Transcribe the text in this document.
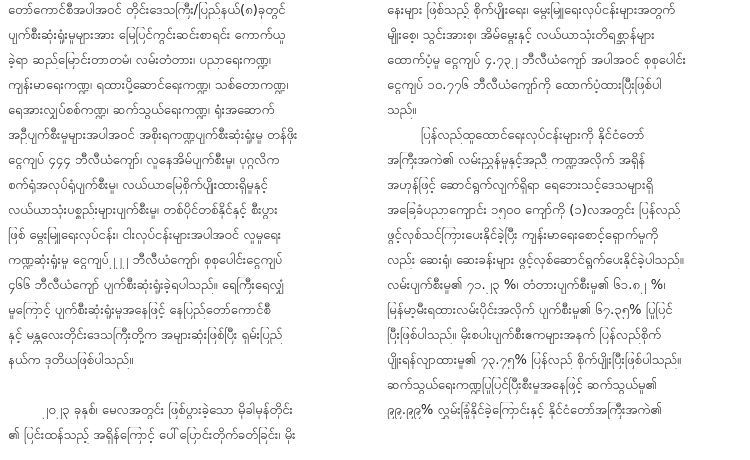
တော်ကောင်စီအပါအဝင် တိုင်းဒေသကြီး/ပြည်နယ်(၈)ခုတွင်
ပျက်စီးဆုံးရှုံးမှုများအား မြေပြင်ကွင်းဆင်းစာရင်း ကောက်ယူ
ခဲ့ရာ ဆည်မြောင်းတာတမံ၊ လမ်းတံတား၊ ပညာရေးကဏ္ဍ၊
ကျန်းမာရေးကဏ္ဍ၊ ရထားပို့ဆောင်ရေးကဏ္ဍ၊ သစ်တောကဏ္ဍ၊
ရေအားလျှပ်စစ်ကဏ္ဍ၊ ဆက်သွယ်ရေးကဏ္ဍ၊ ရုံးအဆောက်
အဦပျက်စီးမှုများအပါအဝင် အစိုးရကဏ္ဍပျက်စီးဆုံးရှုံးမှု တန်ဖိုး
ငွေကျပ် ၄၄၄ ဘီလီယံကျော်၊ လူနေအိမ်ပျက်စီးမှု၊ ပုဂ္ဂလိက
စက်ရုံအလုပ်ရုံပျက်စီးမှု၊ လယ်ယာမြေစိုက်ပျိုးထားရှိမှုနှင့်
လယ်ယာသုံးပစ္စည်းများပျက်စီးမှု၊ တစ်ပိုင်တစ်နိုင်နှင့် စီးပွား
ဖြစ် မွေးမြူရေးလုပ်ငန်း၊ ငါးလုပ်ငန်းများအပါအဝင် လူမှုရေး
ကဏ္ဍဆုံးရှုံးမှု ငွေကျပ်၂၂၂ ဘီလီယံကျော်၊ စုစုပေါင်းငွေကျပ်
၄၆၆ ဘီလီယံကျော် ပျက်စီးဆုံးရှုံးခဲ့ရပါသည်။ ရေကြီးရေလျှံ
မှုကြောင့် ပျက်စီးဆုံးရှုံးမှုအနေဖြင့် နေပြည်တော်ကောင်စီ
နှင့် မန္တလေးတိုင်းဒေသကြီးတို့က အများဆုံးဖြစ်ပြီး ရှမ်းပြည်
နယ်က ဒုတိယဖြစ်ပါသည်။
၂၀၂၃ ခုနှစ်၊ မေလအတွင်း ဖြစ်ပွားခဲ့သော မိုခါမုန်တိုင်း
၏ ပြင်းထန်သည့် အရှိန်ကြောင့် ပေါ်ပြောင်းတိုက်ခတ်ခြင်း၊ မိုး
နေးများ ဖြစ်သည့် စိုက်ပျိုးရေး၊ မွေးမြူရေးလုပ်ငန်းများအတွက်
မျိုးစေ့၊ သွင်းအားစု၊ အိမ်မွေးနှင့် လယ်ယာသုံးတိရစ္ဆာန်များ
ထောက်ပံ့မှု ငွေကျပ် ၄.၇၃၂ ဘီလီယံကျော် အပါအဝင် စုစုပေါင်း
ငွေကျပ် ၁၀.၇၇၆ ဘီလီယံကျော်ကို ထောက်ပံ့ထားပြီးဖြစ်ပါ
သည်။
ပြန်လည်ထူထောင်ရေးလုပ်ငန်းများကို နိုင်ငံတော်
အကြီးအကဲ၏ လမ်းညွှန်မှုနှင့်အညီ ကဏ္ဍအလိုက် အရှိန်
အဟုန်ဖြင့် ဆောင်ရွက်လျက်ရှိရာ ရေဘေးသင့်ဒေသများရှိ
အခြေခံပညာကျောင်း ၁၅၀၀ ကျော်ကို (၁)လအတွင်း ပြန်လည်
ဖွင့်လှစ်သင်ကြားပေးနိုင်ခဲ့ပြီး ကျန်းမာရေးစောင့်ရှောက်မှုကို
လည်း ဆေးရုံ၊ ဆေးခန်းများ ဖွင့်လှစ်ဆောင်ရွက်ပေးနိုင်ခဲ့ပါသည်။
လမ်းပျက်စီးမှု၏ ၇၁.၂၃ %၊ တံတားပျက်စီးမှု၏ ၆၁.၈၂ %၊
မြန်မာ့မီးရထားလမ်းပိုင်းအလိုက် ပျက်စီးမှု၏ ၆၇.၃၅% ပြုပြင်
ပြီးဖြစ်ပါသည်။ မိုးစပါးပျက်စီးဧကများအနက် ပြန်လည်စိုက်
ပျိုးရန်လျာထားမှု၏ ၇၃.၇၅% ပြန်လည် စိုက်ပျိုးပြီးဖြစ်ပါသည်။
ဆက်သွယ်ရေးကဏ္ဍပြုပြင်ပြီးစီးမှုအနေဖြင့် ဆက်သွယ်မှု၏
၉၉.၉၉% လွှမ်းခြုံနိုင်ခဲ့ကြောင်းနှင့် နိုင်ငံတော်အကြီးအကဲ၏
